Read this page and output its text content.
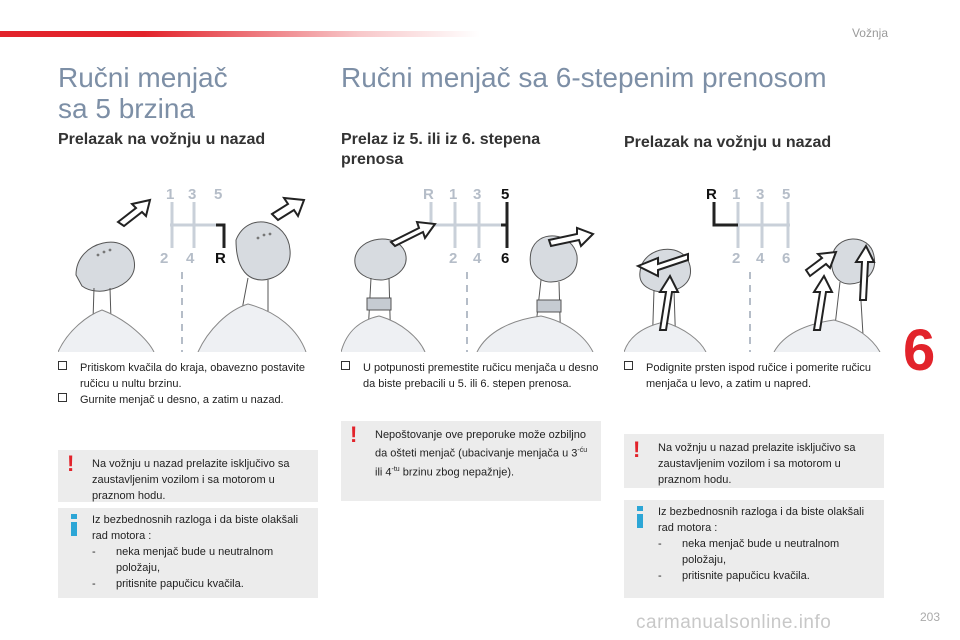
Vožnja
Ručni menjač
sa 5 brzina
Prelazak na vožnju u nazad
1 3 5
2 4 R
Pritiskom kvačila do kraja, obavezno postavite ručicu u nultu brzinu.
Gurnite menjač u desno, a zatim u nazad.
! Na vožnju u nazad prelazite isključivo sa zaustavljenim vozilom i sa motorom u praznom hodu.
Iz bezbednosnih razloga i da biste olakšali rad motora :
- neka menjač bude u neutralnom položaju,
- pritisnite papučicu kvačila.
Ručni menjač sa 6-stepenim prenosom
Prelaz iz 5. ili iz 6. stepena
prenosa
R 1 3
2 4
5
6
U potpunosti premestite ručicu menjača u desno da biste prebacili u 5. ili 6. stepen prenosa.
! Nepoštovanje ove preporuke može ozbiljno da ošteti menjač (ubacivanje menjača u $3^{-ću}$ ili $4^{-tu}$ brzinu zbog nepažnje).
Prelazak na vožnju u nazad
R 1 3 5
2 4 6
Podignite prsten ispod ručice i pomerite ručicu menjača u levo, a zatim u napred.
! Na vožnju u nazad prelazite isključivo sa zaustavljenim vozilom i sa motorom u praznom hodu.
Iz bezbednosnih razloga i da biste olakšali rad motora :
- neka menjač bude u neutralnom položaju,
- pritisnite papučicu kvačila.
6
carmanualsonline.info	203
